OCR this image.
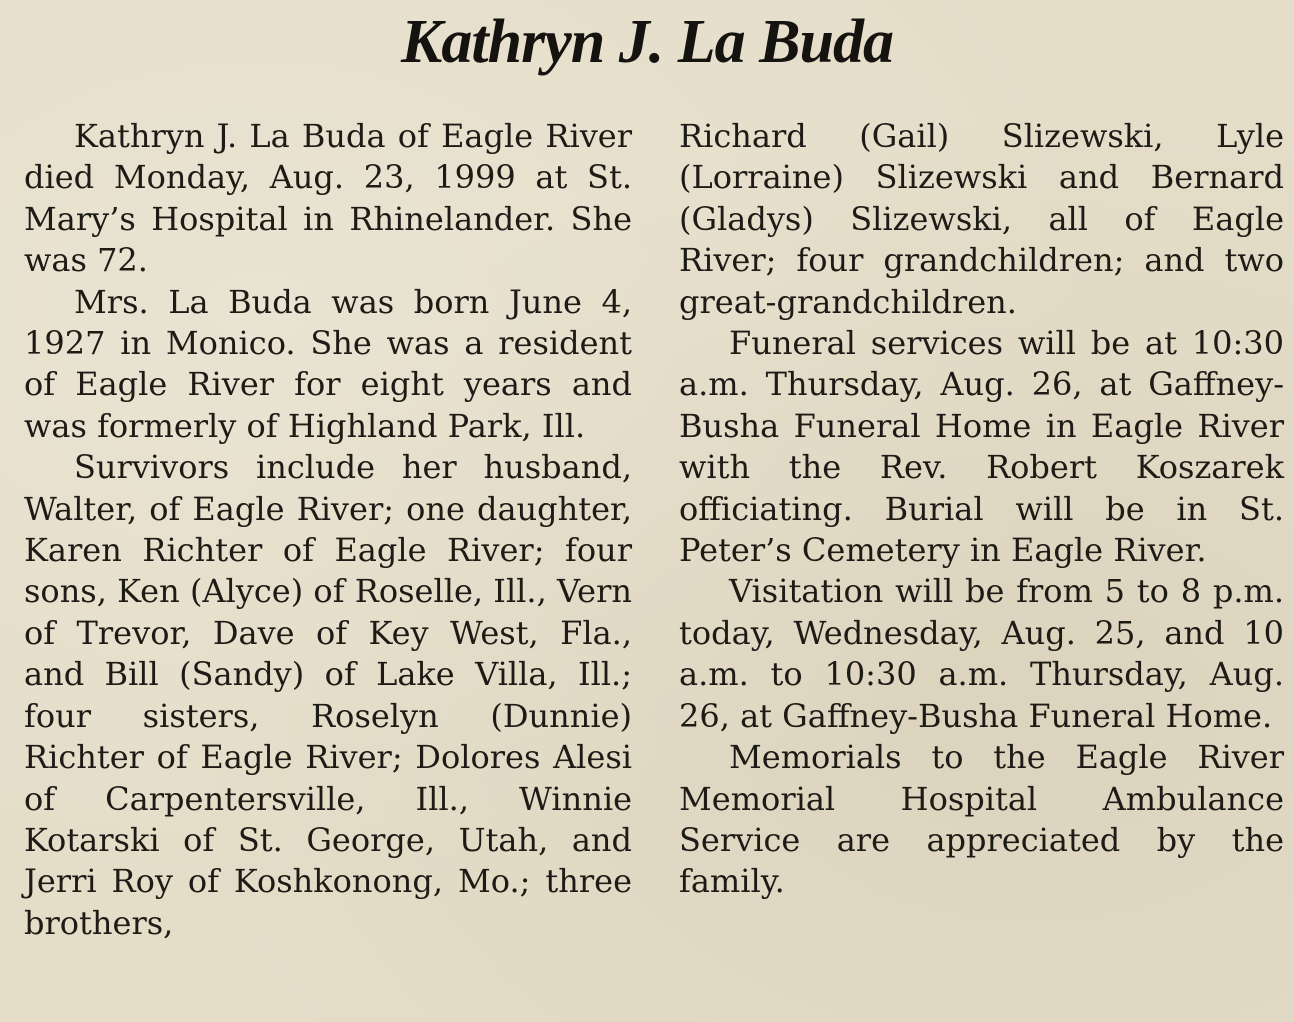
Kathryn J. La Buda

Kathryn J. La Buda of Eagle River died Monday, Aug. 23, 1999 at St. Mary’s Hospital in Rhinelander. She was 72.

Mrs. La Buda was born June 4, 1927 in Monico. She was a resident of Eagle River for eight years and was formerly of Highland Park, Ill.

Survivors include her husband, Walter, of Eagle River; one daughter, Karen Richter of Eagle River; four sons, Ken (Alyce) of Roselle, Ill., Vern of Trevor, Dave of Key West, Fla., and Bill (Sandy) of Lake Villa, Ill.; four sisters, Roselyn (Dunnie) Richter of Eagle River; Dolores Alesi of Carpentersville, Ill., Winnie Kotarski of St. George, Utah, and Jerri Roy of Koshkonong, Mo.; three brothers,

Richard (Gail) Slizewski, Lyle (Lorraine) Slizewski and Bernard (Gladys) Slizewski, all of Eagle River; four grandchildren; and two great-grandchildren.

Funeral services will be at 10:30 a.m. Thursday, Aug. 26, at Gaffney-Busha Funeral Home in Eagle River with the Rev. Robert Koszarek officiating. Burial will be in St. Peter’s Cemetery in Eagle River.

Visitation will be from 5 to 8 p.m. today, Wednesday, Aug. 25, and 10 a.m. to 10:30 a.m. Thursday, Aug. 26, at Gaffney-Busha Funeral Home.

Memorials to the Eagle River Memorial Hospital Ambulance Service are appreciated by the family.
